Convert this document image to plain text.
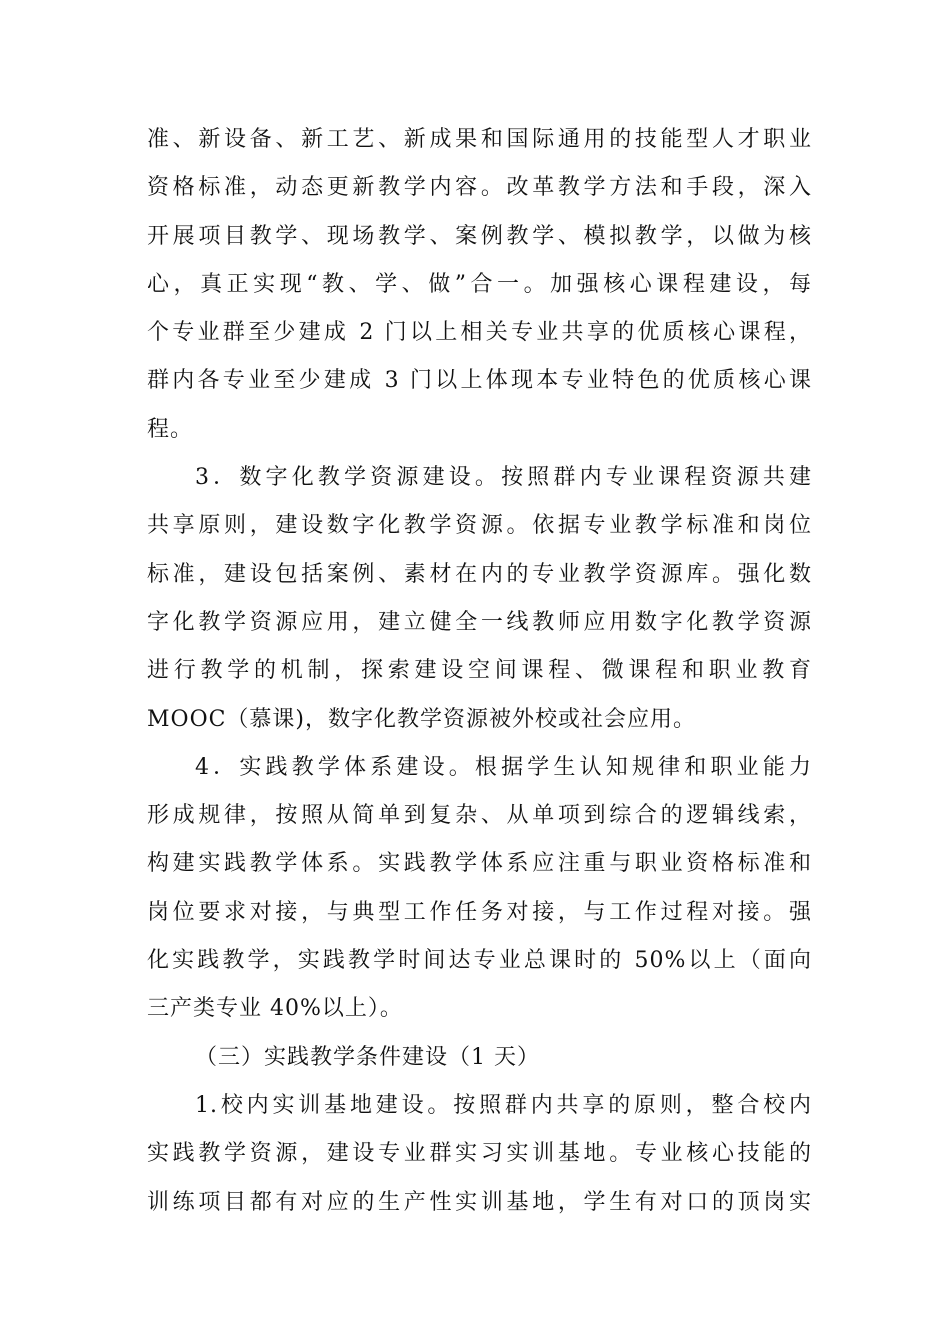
准、新设备、新工艺、新成果和国际通用的技能型人才职业
资格标准，动态更新教学内容。改革教学方法和手段，深入
开展项目教学、现场教学、案例教学、模拟教学，以做为核
心，真正实现“教、学、做”合一。加强核心课程建设，每
个专业群至少建成 2 门以上相关专业共享的优质核心课程，
群内各专业至少建成 3 门以上体现本专业特色的优质核心课
程。
3．数字化教学资源建设。按照群内专业课程资源共建
共享原则，建设数字化教学资源。依据专业教学标准和岗位
标准，建设包括案例、素材在内的专业教学资源库。强化数
字化教学资源应用，建立健全一线教师应用数字化教学资源
进行教学的机制，探索建设空间课程、微课程和职业教育
MOOC（慕课)，数字化教学资源被外校或社会应用。
4．实践教学体系建设。根据学生认知规律和职业能力
形成规律，按照从简单到复杂、从单项到综合的逻辑线索，
构建实践教学体系。实践教学体系应注重与职业资格标准和
岗位要求对接，与典型工作任务对接，与工作过程对接。强
化实践教学，实践教学时间达专业总课时的 50%以上（面向
三产类专业 40%以上）。
（三）实践教学条件建设（1 天）
1.校内实训基地建设。按照群内共享的原则，整合校内
实践教学资源，建设专业群实习实训基地。专业核心技能的
训练项目都有对应的生产性实训基地，学生有对口的顶岗实
